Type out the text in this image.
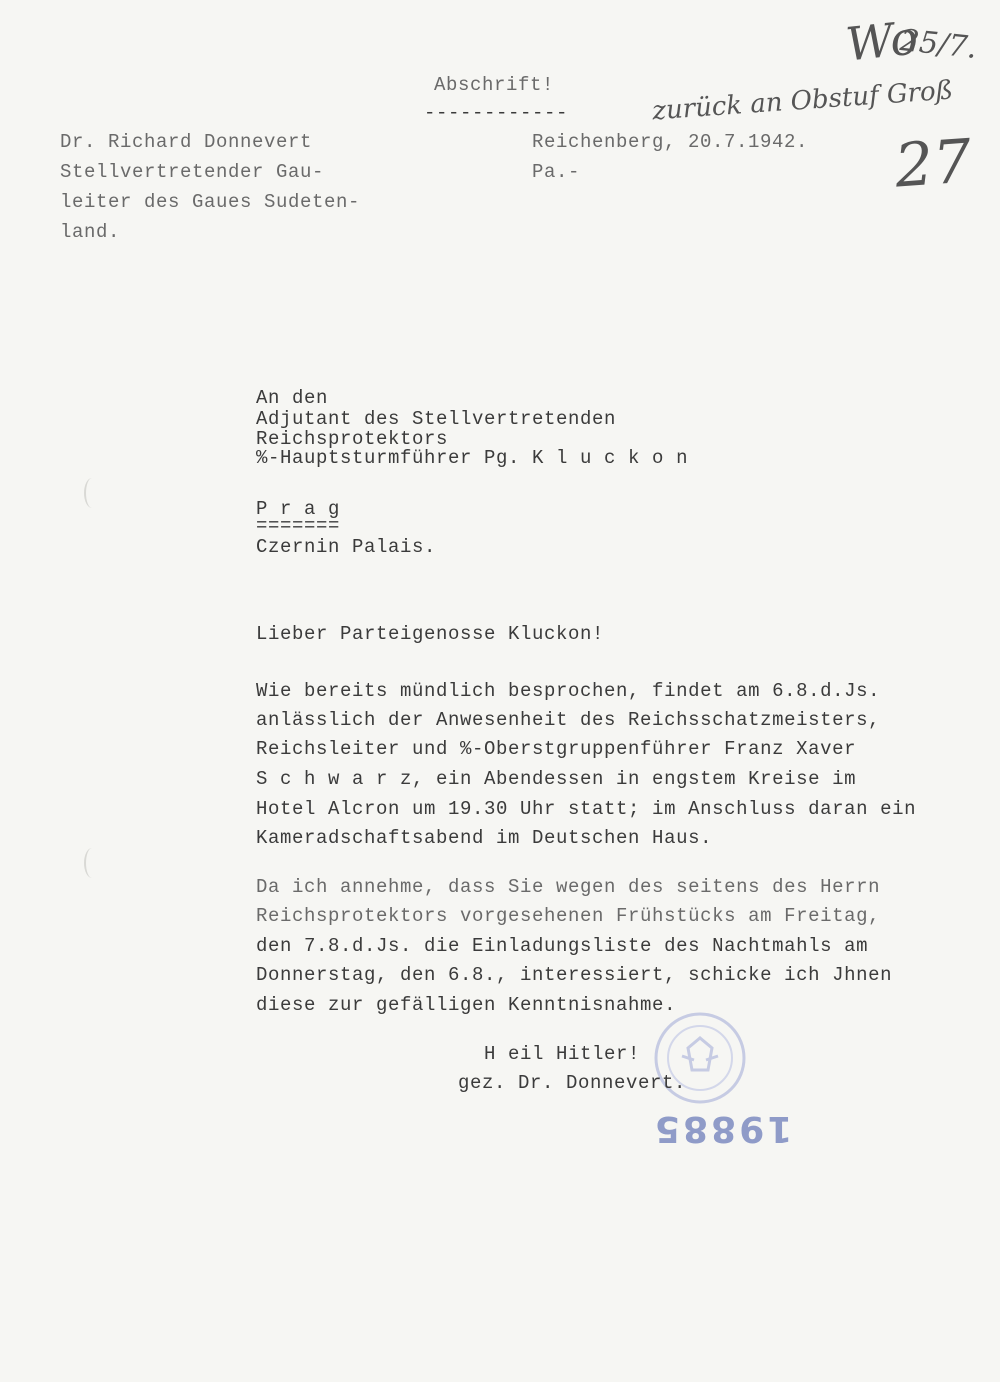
Abschrift!
------------
Dr. Richard Donnevert
Stellvertretender Gau-
leiter des Gaues Sudeten-
land.
Reichenberg, 20.7.1942.
Pa.-
Wo
25/7.
zurück an Obstuf Groß
27
An den
Adjutant des Stellvertretenden
Reichsprotektors
%-Hauptsturmführer Pg. K l u c k o n
P r a g
=======
Czernin Palais.
Lieber Parteigenosse Kluckon!
Wie bereits mündlich besprochen, findet am 6.8.d.Js.
anlässlich der Anwesenheit des Reichsschatzmeisters,
Reichsleiter und %-Oberstgruppenführer Franz Xaver
S c h w a r z, ein Abendessen in engstem Kreise im
Hotel Alcron um 19.30 Uhr statt; im Anschluss daran ein
Kameradschaftsabend im Deutschen Haus.
Da ich annehme, dass Sie wegen des seitens des Herrn
Reichsprotektors vorgesehenen Frühstücks am Freitag,
den 7.8.d.Js. die Einladungsliste des Nachtmahls am
Donnerstag, den 6.8., interessiert, schicke ich Jhnen
diese zur gefälligen Kenntnisnahme.
H eil Hitler!
gez. Dr. Donnevert.
19885
